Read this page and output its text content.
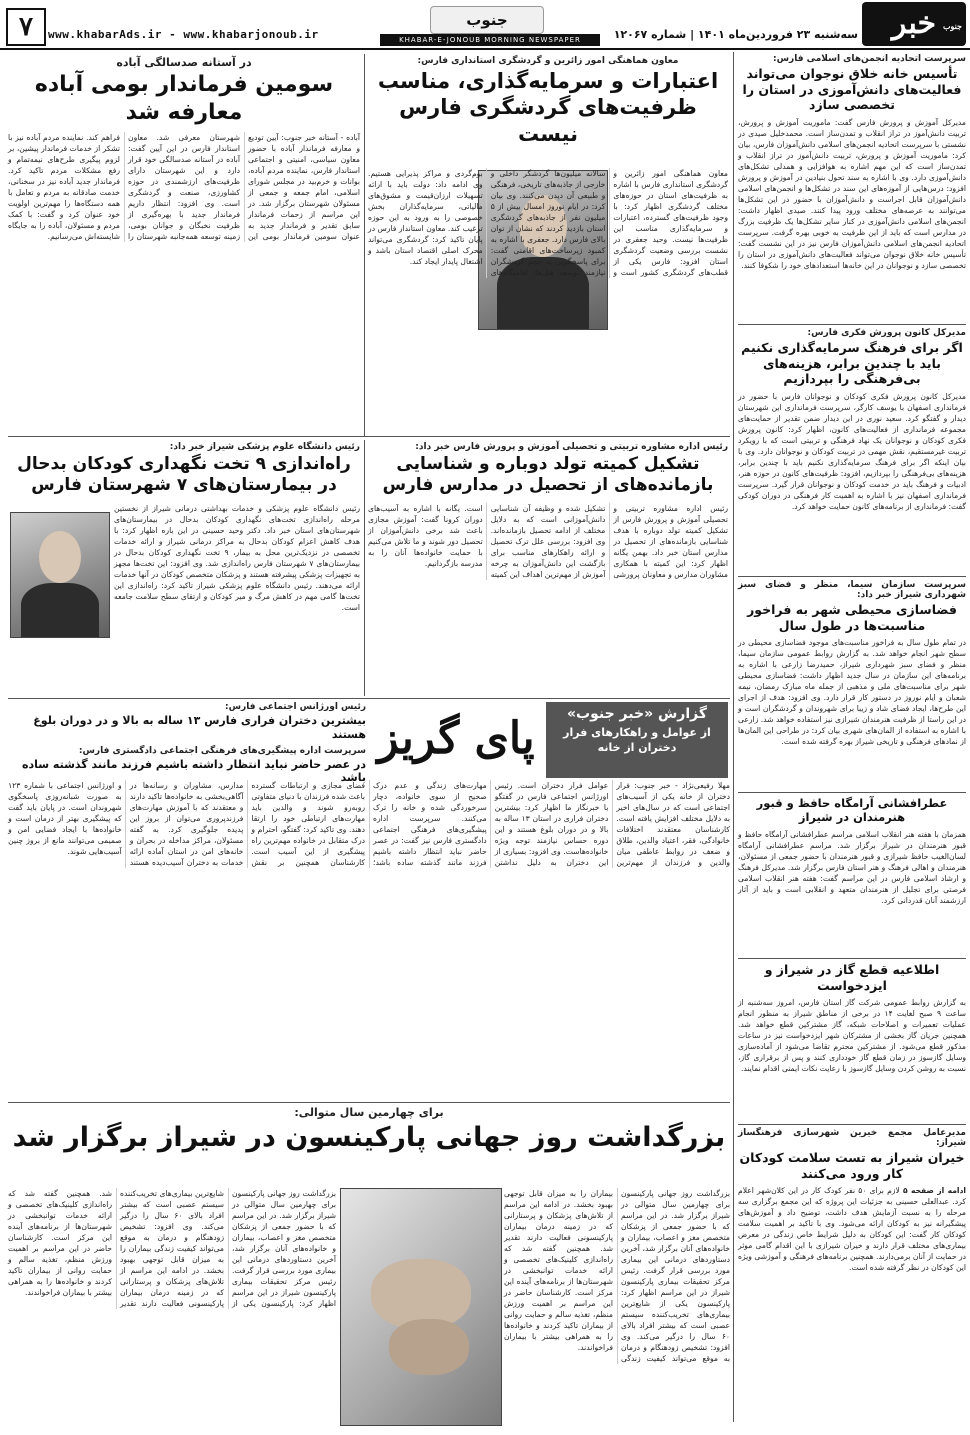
۷	www.khabarAds.ir - www.khabarjonoub.ir
جنوب
KHABAR-E-JONOUB MORNING NEWSPAPER	سه‌شنبه ۲۳ فروردین‌ماه ۱۴۰۱ | شماره ۱۲۰۶۷	خبر جنوب
سرپرست اتحادیه انجمن‌های اسلامی فارس:
تأسیس خانه خلاق نوجوان می‌تواند فعالیت‌های دانش‌آموزی در استان را تخصصی سازد
مدیرکل آموزش و پرورش فارس گفت: ماموریت آموزش و پرورش، تربیت دانش‌آموز در تراز انقلاب و تمدن‌ساز است. محمدخلیل صیدی در نشستی با سرپرست اتحادیه انجمن‌های اسلامی دانش‌آموزان فارس، بیان کرد: ماموریت آموزش و پرورش، تربیت دانش‌آموز در تراز انقلاب و تمدن‌ساز است که این مهم اشاره به هوافزایی و همدلی تشکل‌های دانش‌آموزی دارد. وی با اشاره به سند تحول بنیادین در آموزش و پرورش افزود: درس‌هایی از آموزه‌های این سند در تشکل‌ها و انجمن‌های اسلامی دانش‌آموزان قابل اجراست و دانش‌آموزان با حضور در این تشکل‌ها می‌توانند به عرصه‌های مختلف ورود پیدا کنند. صیدی اظهار داشت: انجمن‌های اسلامی دانش‌آموزی در کنار سایر تشکل‌ها یک ظرفیت بزرگ در مدارس است که باید از این ظرفیت به خوبی بهره گرفت. سرپرست اتحادیه انجمن‌های اسلامی دانش‌آموزان فارس نیز در این نشست گفت: تأسیس خانه خلاق نوجوان می‌تواند فعالیت‌های دانش‌آموزی در استان را تخصصی سازد و نوجوانان در این خانه‌ها استعدادهای خود را شکوفا کنند.
مدیرکل کانون پرورش فکری فارس:
اگر برای فرهنگ سرمایه‌گذاری نکنیم باید با چندین برابر، هزینه‌های بی‌فرهنگی را بپردازیم
مدیرکل کانون پرورش فکری کودکان و نوجوانان فارس با حضور در فرمانداری اصفهان با یوسف کارگر، سرپرست فرمانداری این شهرستان دیدار و گفتگو کرد. سعید نوری در این دیدار ضمن تقدیر از حمایت‌های مجموعه فرمانداری از فعالیت‌های کانون، اظهار کرد: کانون پرورش فکری کودکان و نوجوانان یک نهاد فرهنگی و تربیتی است که با رویکرد تربیت غیرمستقیم، نقش مهمی در تربیت کودکان و نوجوانان دارد. وی با بیان اینکه اگر برای فرهنگ سرمایه‌گذاری نکنیم باید با چندین برابر، هزینه‌های بی‌فرهنگی را بپردازیم، افزود: ظرفیت‌های کانون در حوزه هنر، ادبیات و فرهنگ باید در خدمت کودکان و نوجوانان قرار گیرد. سرپرست فرمانداری اصفهان نیز با اشاره به اهمیت کار فرهنگی در دوران کودکی گفت: فرمانداری از برنامه‌های کانون حمایت خواهد کرد.
سرپرست سازمان سیما، منظر و فضای سبز شهرداری شیراز خبر داد:
فضاسازی محیطی شهر به فراخور مناسبت‌ها در طول سال
در تمام طول سال به فراخور مناسبت‌های موجود فضاسازی محیطی در سطح شهر انجام خواهد شد. به گزارش روابط عمومی سازمان سیما، منظر و فضای سبز شهرداری شیراز، حمیدرضا زارعی با اشاره به برنامه‌های این سازمان در سال جدید اظهار داشت: فضاسازی محیطی شهر برای مناسبت‌های ملی و مذهبی از جمله ماه مبارک رمضان، نیمه شعبان و ایام نوروز در دستور کار قرار دارد. وی افزود: هدف از اجرای این طرح‌ها، ایجاد فضای شاد و زیبا برای شهروندان و گردشگران است و در این راستا از ظرفیت هنرمندان شیرازی نیز استفاده خواهد شد. زارعی با اشاره به استفاده از المان‌های شهری بیان کرد: در طراحی این المان‌ها از نمادهای فرهنگی و تاریخی شیراز بهره گرفته شده است.
عطرافشانی آرامگاه حافظ و قبور هنرمندان در شیراز
همزمان با هفته هنر انقلاب اسلامی مراسم عطرافشانی آرامگاه حافظ و قبور هنرمندان در شیراز برگزار شد. مراسم عطرافشانی آرامگاه لسان‌الغیب حافظ شیرازی و قبور هنرمندان با حضور جمعی از مسئولان، هنرمندان و اهالی فرهنگ و هنر استان فارس برگزار شد. مدیرکل فرهنگ و ارشاد اسلامی فارس در این مراسم گفت: هفته هنر انقلاب اسلامی فرصتی برای تجلیل از هنرمندان متعهد و انقلابی است و باید از آثار ارزشمند آنان قدردانی کرد.
اطلاعیه قطع گاز در شیراز و ایزدخواست
به گزارش روابط عمومی شرکت گاز استان فارس، امروز سه‌شنبه از ساعت ۹ صبح لغایت ۱۴ در برخی از مناطق شیراز به منظور انجام عملیات تعمیرات و اصلاحات شبکه، گاز مشترکین قطع خواهد شد. همچنین جریان گاز بخشی از مشترکان شهر ایزدخواست نیز در ساعات مذکور قطع می‌شود. از مشترکین محترم تقاضا می‌شود از آماده‌سازی وسایل گازسوز در زمان قطع گاز خودداری کنند و پس از برقراری گاز، نسبت به روشن کردن وسایل گازسوز با رعایت نکات ایمنی اقدام نمایند.
مدیرعامل مجمع خیرین شهرسازی فرهنگساز شیراز:
خیران شیراز به تست سلامت کودکان کار ورود می‌کنند
ادامه از صفحه ۵ لازم برای ۵۰ نفر کودک کار در این کلان‌شهر اعلام کرد. عبدالعلی حسینی به جزئیات این پروژه که این مجمع برگزاری سه مرحله را به نسبت آزمایش هدف داشت، توضیح داد و آموزش‌های پیشگیرانه نیز به کودکان ارائه می‌شود. وی با تاکید بر اهمیت سلامت کودکان کار گفت: این کودکان به دلیل شرایط خاص زندگی در معرض بیماری‌های مختلف قرار دارند و خیران شیرازی با این اقدام گامی موثر در حمایت از آنان برمی‌دارند. همچنین برنامه‌های فرهنگی و آموزشی ویژه این کودکان در نظر گرفته شده است.
معاون هماهنگی امور زائرین و گردشگری استانداری فارس:
اعتبارات و سرمایه‌گذاری، مناسب ظرفیت‌های گردشگری فارس نیست
معاون هماهنگی امور زائرین و گردشگری استانداری فارس با اشاره به ظرفیت‌های استان در حوزه‌های مختلف گردشگری اظهار کرد: با وجود ظرفیت‌های گسترده، اعتبارات و سرمایه‌گذاری مناسب این ظرفیت‌ها نیست. وحید جعفری در نشست بررسی وضعیت گردشگری استان افزود: فارس یکی از قطب‌های گردشگری کشور است و سالانه میلیون‌ها گردشگر داخلی و خارجی از جاذبه‌های تاریخی، فرهنگی و طبیعی آن دیدن می‌کنند. وی بیان کرد: در ایام نوروز امسال بیش از ۵ میلیون نفر از جاذبه‌های گردشگری استان بازدید کردند که نشان از توان بالای فارس دارد. جعفری با اشاره به کمبود زیرساخت‌های اقامتی گفت: برای پاسخگویی به حجم گردشگران نیازمند توسعه هتل‌ها، اقامتگاه‌های بوم‌گردی و مراکز پذیرایی هستیم. وی ادامه داد: دولت باید با ارائه تسهیلات ارزان‌قیمت و مشوق‌های مالیاتی، سرمایه‌گذاران بخش خصوصی را به ورود به این حوزه ترغیب کند. معاون استاندار فارس در پایان تاکید کرد: گردشگری می‌تواند محرک اصلی اقتصاد استان باشد و اشتغال پایدار ایجاد کند.
در آستانه صدسالگی آباده
سومین فرماندار بومی آباده معارفه شد
آباده - آستانه خبر جنوب: آیین تودیع و معارفه فرماندار آباده با حضور معاون سیاسی، امنیتی و اجتماعی استاندار فارس، نماینده مردم آباده، بوانات و خرم‌بید در مجلس شورای اسلامی، امام جمعه و جمعی از مسئولان شهرستان برگزار شد. در این مراسم از زحمات فرماندار سابق تقدیر و فرماندار جدید به عنوان سومین فرماندار بومی این شهرستان معرفی شد. معاون استاندار فارس در این آیین گفت: آباده در آستانه صدسالگی خود قرار دارد و این شهرستان دارای ظرفیت‌های ارزشمندی در حوزه کشاورزی، صنعت و گردشگری است. وی افزود: انتظار داریم فرماندار جدید با بهره‌گیری از ظرفیت نخبگان و جوانان بومی، زمینه توسعه همه‌جانبه شهرستان را فراهم کند. نماینده مردم آباده نیز با تشکر از خدمات فرماندار پیشین، بر لزوم پیگیری طرح‌های نیمه‌تمام و رفع مشکلات مردم تاکید کرد. فرماندار جدید آباده نیز در سخنانی، خدمت صادقانه به مردم و تعامل با همه دستگاه‌ها را مهم‌ترین اولویت خود عنوان کرد و گفت: با کمک مردم و مسئولان، آباده را به جایگاه شایسته‌اش می‌رسانیم.
رئیس اداره مشاوره تربیتی و تحصیلی آموزش و پرورش فارس خبر داد:
تشکیل کمیته تولد دوباره و شناسایی بازمانده‌های از تحصیل در مدارس فارس
رئیس اداره مشاوره تربیتی و تحصیلی آموزش و پرورش فارس از تشکیل کمیته تولد دوباره با هدف شناسایی بازمانده‌های از تحصیل در مدارس استان خبر داد. بهمن یگانه اظهار کرد: این کمیته با همکاری مشاوران مدارس و معاونان پرورشی تشکیل شده و وظیفه آن شناسایی دانش‌آموزانی است که به دلایل مختلف از ادامه تحصیل بازمانده‌اند. وی افزود: بررسی علل ترک تحصیل و ارائه راهکارهای مناسب برای بازگشت این دانش‌آموزان به چرخه آموزش از مهم‌ترین اهداف این کمیته است. یگانه با اشاره به آسیب‌های دوران کرونا گفت: آموزش مجازی باعث شد برخی دانش‌آموزان از تحصیل دور شوند و ما تلاش می‌کنیم با حمایت خانواده‌ها آنان را به مدرسه بازگردانیم.
رئیس دانشگاه علوم پزشکی شیراز خبر داد:
راه‌اندازی ۹ تخت نگهداری کودکان بدحال در بیمارستان‌های ۷ شهرستان فارس
رئیس دانشگاه علوم پزشکی و خدمات بهداشتی درمانی شیراز از نخستین مرحله راه‌اندازی تخت‌های نگهداری کودکان بدحال در بیمارستان‌های شهرستان‌های استان خبر داد. دکتر وحید حسینی در این باره اظهار کرد: با هدف کاهش اعزام کودکان بدحال به مراکز درمانی شیراز و ارائه خدمات تخصصی در نزدیک‌ترین محل به بیمار، ۹ تخت نگهداری کودکان بدحال در بیمارستان‌های ۷ شهرستان فارس راه‌اندازی شد. وی افزود: این تخت‌ها مجهز به تجهیزات پزشکی پیشرفته هستند و پزشکان متخصص کودکان در آنها خدمات ارائه می‌دهند. رئیس دانشگاه علوم پزشکی شیراز تاکید کرد: راه‌اندازی این تخت‌ها گامی مهم در کاهش مرگ و میر کودکان و ارتقای سطح سلامت جامعه است.
گزارش «خبر جنوب»
از عوامل و راهکارهای فرار دختران از خانه
پای گریز
رئیس اورژانس اجتماعی فارس:
بیشترین دختران فراری فارس ۱۳ ساله به بالا و در دوران بلوغ هستند
سرپرست اداره پیشگیری‌های فرهنگی اجتماعی دادگستری فارس:
در عصر حاضر نباید انتظار داشته باشیم فرزند مانند گذشته ساده باشد
مهلا رفیعی‌نژاد - خبر جنوب: فرار دختران از خانه یکی از آسیب‌های اجتماعی است که در سال‌های اخیر به دلایل مختلف افزایش یافته است. کارشناسان معتقدند اختلافات خانوادگی، فقر، اعتیاد والدین، طلاق و ضعف در روابط عاطفی میان والدین و فرزندان از مهم‌ترین عوامل فرار دختران است. رئیس اورژانس اجتماعی فارس در گفتگو با خبرنگار ما اظهار کرد: بیشترین دختران فراری در استان ۱۳ ساله به بالا و در دوران بلوغ هستند و این دوره حساس نیازمند توجه ویژه خانواده‌هاست. وی افزود: بسیاری از این دختران به دلیل نداشتن مهارت‌های زندگی و عدم درک صحیح از سوی خانواده، دچار سرخوردگی شده و خانه را ترک می‌کنند. سرپرست اداره پیشگیری‌های فرهنگی اجتماعی دادگستری فارس نیز گفت: در عصر حاضر نباید انتظار داشته باشیم فرزند مانند گذشته ساده باشد؛ فضای مجازی و ارتباطات گسترده باعث شده فرزندان با دنیای متفاوتی روبه‌رو شوند و والدین باید مهارت‌های ارتباطی خود را ارتقا دهند. وی تاکید کرد: گفتگو، احترام و درک متقابل در خانواده مهم‌ترین راه پیشگیری از این آسیب است. کارشناسان همچنین بر نقش مدارس، مشاوران و رسانه‌ها در آگاهی‌بخشی به خانواده‌ها تاکید دارند و معتقدند که با آموزش مهارت‌های فرزندپروری می‌توان از بروز این پدیده جلوگیری کرد. به گفته مسئولان، مراکز مداخله در بحران و خانه‌های امن در استان آماده ارائه خدمات به دختران آسیب‌دیده هستند و اورژانس اجتماعی با شماره ۱۲۳ به صورت شبانه‌روزی پاسخگوی شهروندان است. در پایان باید گفت که پیشگیری بهتر از درمان است و خانواده‌ها با ایجاد فضایی امن و صمیمی می‌توانند مانع از بروز چنین آسیب‌هایی شوند.
برای چهارمین سال متوالی:
بزرگداشت روز جهانی پارکینسون در شیراز برگزار شد
بزرگداشت روز جهانی پارکینسون برای چهارمین سال متوالی در شیراز برگزار شد. در این مراسم که با حضور جمعی از پزشکان متخصص مغز و اعصاب، بیماران و خانواده‌های آنان برگزار شد، آخرین دستاوردهای درمانی این بیماری مورد بررسی قرار گرفت. رئیس مرکز تحقیقات بیماری پارکینسون شیراز در این مراسم اظهار کرد: پارکینسون یکی از شایع‌ترین بیماری‌های تخریب‌کننده سیستم عصبی است که بیشتر افراد بالای ۶۰ سال را درگیر می‌کند. وی افزود: تشخیص زودهنگام و درمان به موقع می‌تواند کیفیت زندگی بیماران را به میزان قابل توجهی بهبود بخشد. در ادامه این مراسم از تلاش‌های پزشکان و پرستارانی که در زمینه درمان بیماران پارکینسونی فعالیت دارند تقدیر شد. همچنین گفته شد که راه‌اندازی کلینیک‌های تخصصی و ارائه خدمات توانبخشی در شهرستان‌ها از برنامه‌های آینده این مرکز است. کارشناسان حاضر در این مراسم بر اهمیت ورزش منظم، تغذیه سالم و حمایت روانی از بیماران تاکید کردند و خانواده‌ها را به همراهی بیشتر با بیماران فراخواندند.
بزرگداشت روز جهانی پارکینسون برای چهارمین سال متوالی در شیراز برگزار شد. در این مراسم که با حضور جمعی از پزشکان متخصص مغز و اعصاب، بیماران و خانواده‌های آنان برگزار شد، آخرین دستاوردهای درمانی این بیماری مورد بررسی قرار گرفت. رئیس مرکز تحقیقات بیماری پارکینسون شیراز در این مراسم اظهار کرد: پارکینسون یکی از شایع‌ترین بیماری‌های تخریب‌کننده سیستم عصبی است که بیشتر افراد بالای ۶۰ سال را درگیر می‌کند. وی افزود: تشخیص زودهنگام و درمان به موقع می‌تواند کیفیت زندگی بیماران را به میزان قابل توجهی بهبود بخشد. در ادامه این مراسم از تلاش‌های پزشکان و پرستارانی که در زمینه درمان بیماران پارکینسونی فعالیت دارند تقدیر شد. همچنین گفته شد که راه‌اندازی کلینیک‌های تخصصی و ارائه خدمات توانبخشی در شهرستان‌ها از برنامه‌های آینده این مرکز است. کارشناسان حاضر در این مراسم بر اهمیت ورزش منظم، تغذیه سالم و حمایت روانی از بیماران تاکید کردند و خانواده‌ها را به همراهی بیشتر با بیماران فراخواندند.
